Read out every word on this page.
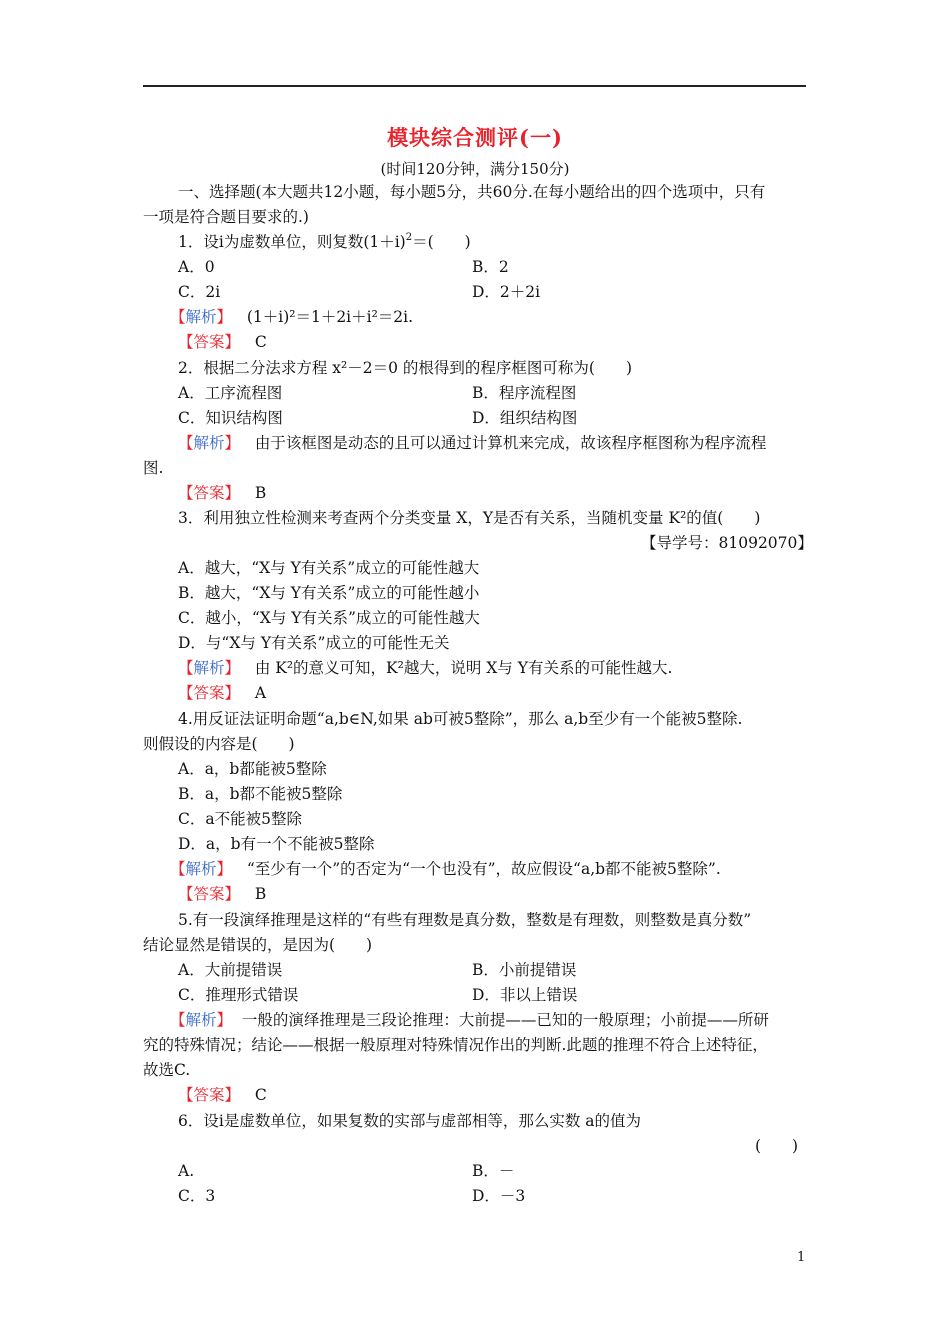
模块综合测评(一)
(时间120分钟，满分150分)
一、选择题(本大题共12小题，每小题5分，共60分.在每小题给出的四个选项中，只有
一项是符合题目要求的.)
1．设i为虚数单位，则复数$(1+i)^2=$(　　)
A．0	B．2
C．2i	D．2＋2i
【解析】 (1＋i)²＝1＋2i＋i²＝2i.
【答案】 C
2．根据二分法求方程 x²－2＝0 的根得到的程序框图可称为(　　)
A．工序流程图	B．程序流程图
C．知识结构图	D．组织结构图
【解析】 由于该框图是动态的且可以通过计算机来完成，故该程序框图称为程序流程
图.
【答案】 B
3．利用独立性检测来考查两个分类变量 X，Y是否有关系，当随机变量 K²的值(　　)
【导学号：81092070】
A．越大，“X与 Y有关系”成立的可能性越大
B．越大，“X与 Y有关系”成立的可能性越小
C．越小，“X与 Y有关系”成立的可能性越大
D．与“X与 Y有关系”成立的可能性无关
【解析】 由 K²的意义可知，K²越大，说明 X与 Y有关系的可能性越大.
【答案】 A
4.用反证法证明命题“a,b∈N,如果 ab可被5整除”，那么 a,b至少有一个能被5整除.
则假设的内容是(　　)
A．a，b都能被5整除
B．a，b都不能被5整除
C．a不能被5整除
D．a，b有一个不能被5整除
【解析】 “至少有一个”的否定为“一个也没有”，故应假设“a,b都不能被5整除”.
【答案】 B
5.有一段演绎推理是这样的“有些有理数是真分数，整数是有理数，则整数是真分数”
结论显然是错误的，是因为(　　)
A．大前提错误	B．小前提错误
C．推理形式错误	D．非以上错误
【解析】 一般的演绎推理是三段论推理：大前提——已知的一般原理；小前提——所研
究的特殊情况；结论——根据一般原理对特殊情况作出的判断.此题的推理不符合上述特征，
故选C.
【答案】 C
6．设i是虚数单位，如果复数的实部与虚部相等，那么实数 a的值为
(　　)
A.	B．－
C．3	D．－3
1
